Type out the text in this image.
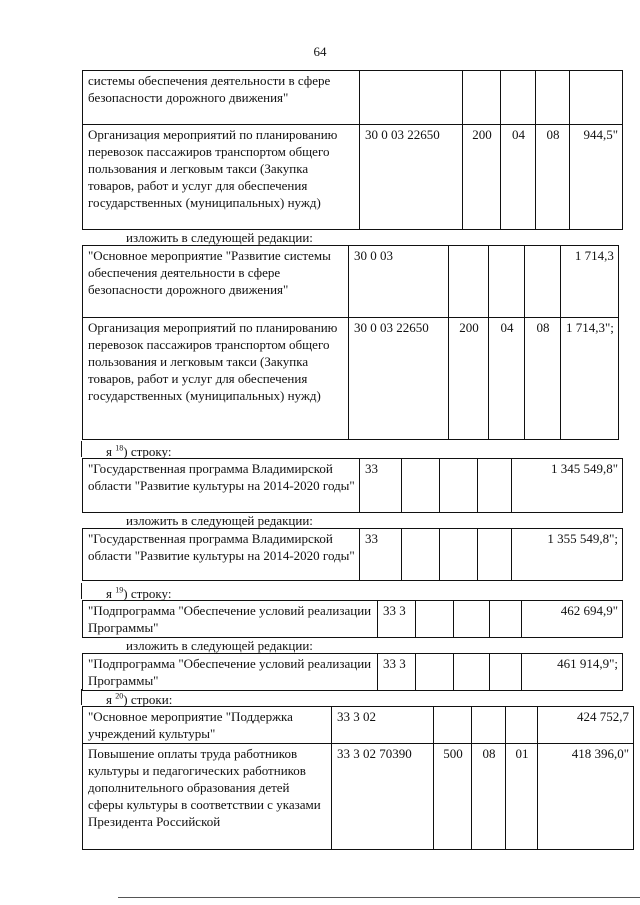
64
системы обеспечения деятельности в сфере безопасности дорожного движения"					
Организация мероприятий по планированию перевозок пассажиров транспортом общего пользования и легковым такси (Закупка товаров, работ и услуг для обеспечения государственных (муниципальных) нужд)	30 0 03 22650	200	04	08	944,5"
изложить в следующей редакции:
"Основное мероприятие "Развитие системы обеспечения деятельности в сфере безопасности дорожного движения"	30 0 03				1 714,3
Организация мероприятий по планированию перевозок пассажиров транспортом общего пользования и легковым такси (Закупка товаров, работ и услуг для обеспечения государственных (муниципальных) нужд)	30 0 03 22650	200	04	08	1 714,3";
я $^{18}$) строку:
"Государственная программа Владимирской области "Развитие культуры на 2014-2020 годы"	33				1 345 549,8"
изложить в следующей редакции:
"Государственная программа Владимирской области "Развитие культуры на 2014-2020 годы"	33				1 355 549,8";
я $^{19}$) строку:
"Подпрограмма "Обеспечение условий реализации Программы"	33 3				462 694,9"
изложить в следующей редакции:
"Подпрограмма "Обеспечение условий реализации Программы"	33 3				461 914,9";
я $^{20}$) строки:
"Основное мероприятие "Поддержка учреждений культуры"	33 3 02				424 752,7
Повышение оплаты труда работников культуры и педагогических работников дополнительного образования детей сферы культуры в соответствии с указами Президента Российской	33 3 02 70390	500	08	01	418 396,0"
